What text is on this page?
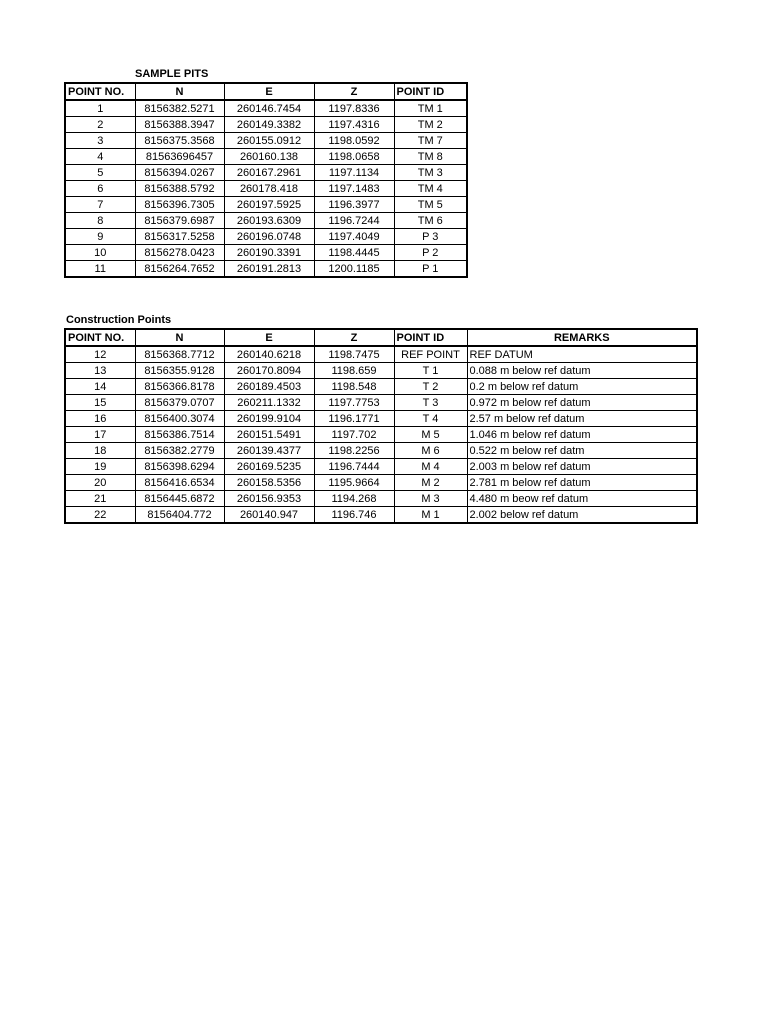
SAMPLE PITS
POINT NO.	N	E	Z	POINT ID
1	8156382.5271	260146.7454	1197.8336	TM 1
2	8156388.3947	260149.3382	1197.4316	TM 2
3	8156375.3568	260155.0912	1198.0592	TM 7
4	81563696457	260160.138	1198.0658	TM 8
5	8156394.0267	260167.2961	1197.1134	TM 3
6	8156388.5792	260178.418	1197.1483	TM 4
7	8156396.7305	260197.5925	1196.3977	TM 5
8	8156379.6987	260193.6309	1196.7244	TM 6
9	8156317.5258	260196.0748	1197.4049	P 3
10	8156278.0423	260190.3391	1198.4445	P 2
11	8156264.7652	260191.2813	1200.1185	P 1
Construction Points
POINT NO.	N	E	Z	POINT ID	REMARKS
12	8156368.7712	260140.6218	1198.7475	REF POINT	REF DATUM
13	8156355.9128	260170.8094	1198.659	T 1	0.088 m below ref datum
14	8156366.8178	260189.4503	1198.548	T 2	0.2 m below ref datum
15	8156379.0707	260211.1332	1197.7753	T 3	0.972 m below ref datum
16	8156400.3074	260199.9104	1196.1771	T 4	2.57 m below ref datum
17	8156386.7514	260151.5491	1197.702	M 5	1.046 m below ref datum
18	8156382.2779	260139.4377	1198.2256	M 6	0.522 m below ref datm
19	8156398.6294	260169.5235	1196.7444	M 4	2.003 m below ref datum
20	8156416.6534	260158.5356	1195.9664	M 2	2.781 m below ref datum
21	8156445.6872	260156.9353	1194.268	M 3	4.480 m beow ref datum
22	8156404.772	260140.947	1196.746	M 1	2.002 below ref datum
